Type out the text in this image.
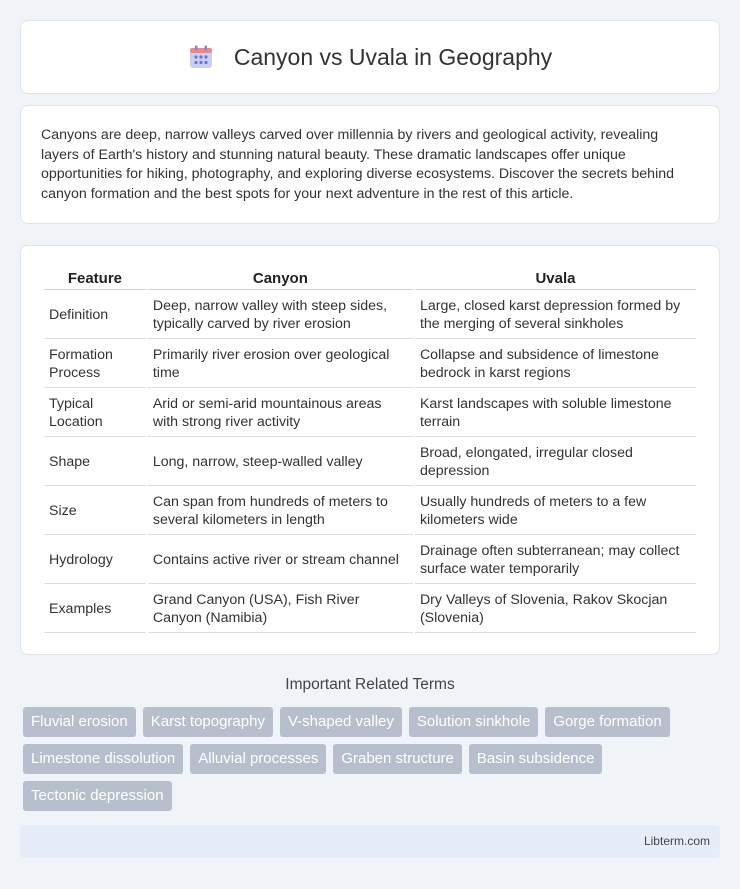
Canyon vs Uvala in Geography

Canyons are deep, narrow valleys carved over millennia by rivers and geological activity, revealing layers of Earth's history and stunning natural beauty. These dramatic landscapes offer unique opportunities for hiking, photography, and exploring diverse ecosystems. Discover the secrets behind canyon formation and the best spots for your next adventure in the rest of this article.

Feature	Canyon	Uvala
Definition	Deep, narrow valley with steep sides, typically carved by river erosion	Large, closed karst depression formed by the merging of several sinkholes
Formation Process	Primarily river erosion over geological time	Collapse and subsidence of limestone bedrock in karst regions
Typical Location	Arid or semi-arid mountainous areas with strong river activity	Karst landscapes with soluble limestone terrain
Shape	Long, narrow, steep-walled valley	Broad, elongated, irregular closed depression
Size	Can span from hundreds of meters to several kilometers in length	Usually hundreds of meters to a few kilometers wide
Hydrology	Contains active river or stream channel	Drainage often subterranean; may collect surface water temporarily
Examples	Grand Canyon (USA), Fish River Canyon (Namibia)	Dry Valleys of Slovenia, Rakov Skocjan (Slovenia)
Important Related Terms
Fluvial erosion	Karst topography	V-shaped valley	Solution sinkhole	Gorge formation
Limestone dissolution	Alluvial processes	Graben structure	Basin subsidence
Tectonic depression
Libterm.com
